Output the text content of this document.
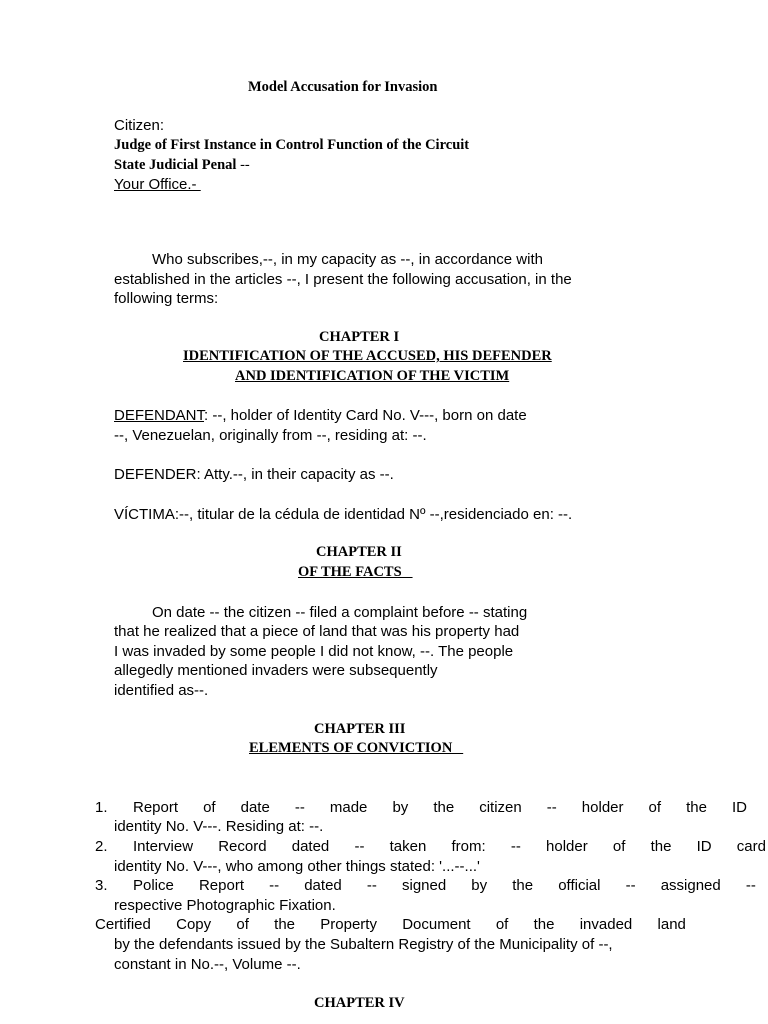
Model Accusation for Invasion
Citizen:
Judge of First Instance in Control Function of the Circuit
State Judicial Penal --
Your Office.-
Who subscribes,--, in my capacity as --, in accordance with
established in the articles --, I present the following accusation, in the
following terms:
CHAPTER I
IDENTIFICATION OF THE ACCUSED, HIS DEFENDER
AND IDENTIFICATION OF THE VICTIM
DEFENDANT: --, holder of Identity Card No. V---, born on date
--, Venezuelan, originally from --, residing at: --.
DEFENDER: Atty.--, in their capacity as --.
VÍCTIMA:--, titular de la cédula de identidad Nº --,residenciado en: --.
CHAPTER II
OF THE FACTS
On date -- the citizen -- filed a complaint before -- stating
that he realized that a piece of land that was his property had
I was invaded by some people I did not know, --. The people
allegedly mentioned invaders were subsequently
identified as--.
CHAPTER III
ELEMENTS OF CONVICTION
1. Report of date -- made by the citizen -- holder of the ID
identity No. V---. Residing at: --.
2. Interview Record dated -- taken from: -- holder of the ID card
identity No. V---, who among other things stated: '...--...'
3. Police Report -- dated -- signed by the official -- assigned --
respective Photographic Fixation.
Certified Copy of the Property Document of the invaded land
by the defendants issued by the Subaltern Registry of the Municipality of --,
constant in No.--, Volume --.
CHAPTER IV
